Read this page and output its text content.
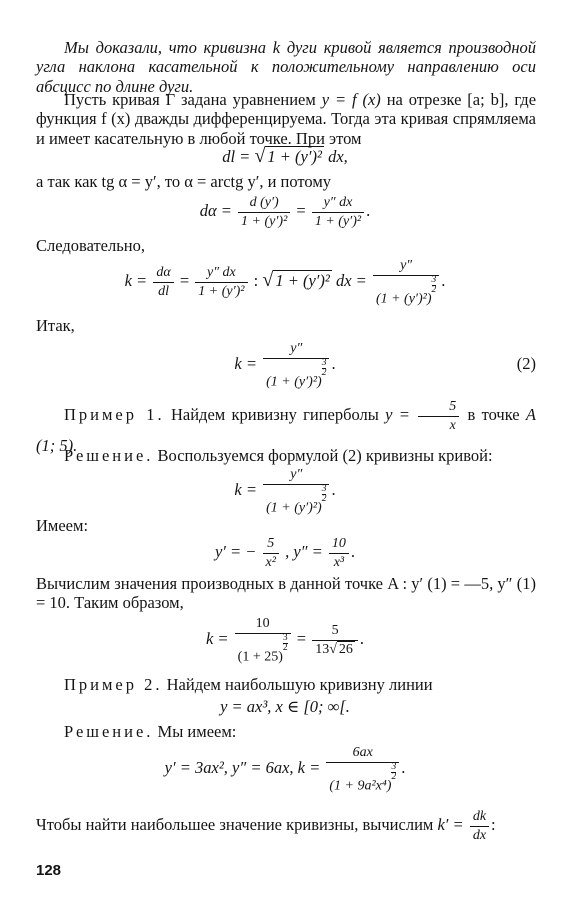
Мы доказали, что кривизна k дуги кривой является производной угла наклона касательной к положительному направлению оси абсцисс по длине дуги.
Пусть кривая Γ задана уравнением y = f (x) на отрезке [a; b], где функция f (x) дважды дифференцируема. Тогда эта кривая спрямляема и имеет касательную в любой точке. При этом
dl = √ 1 + (y′)² dx,
а так как tg α = y′, то α = arctg y′, и потому
$d\alpha = \frac{d (y')}{\text{1 + (y′)²}} = \frac{y'' dx}{\text{1 + (y′)²}}$ .
Следовательно,
$k = \frac{d\alpha}{dl} = \frac{y'' dx}{\text{1 + (y′)²}}$ : √ 1 + (y′)² dx = y″
(1 + (y′)²)
$\frac{3}{2}$ .
Итак,
k = y″
(1 + (y′)²)
$\frac{3}{2}$ .	(2)
Пример 1. Найдем кривизну гиперболы $y = \frac{5}{x}$ в точке A (1; 5).
Решение. Воспользуемся формулой (2) кривизны кривой:
k = y″
(1 + (y′)²)
$\frac{3}{2}$ .
Имеем:
y′ = − $\frac{5}{\text{x²}}$ , $y'' = \frac{10}{\text{x³}}$ .
Вычислим значения производных в данной точке A : y′ (1) = —5, y″ (1) = 10. Таким образом,
k = 10
(1 + 25)
$\frac{3}{2} = \frac{5}{13√ 26}$ .
Пример 2. Найдем наибольшую кривизну линии
y = ax³, x ∈ [0; ∞[.
Решение. Мы имеем:
y′ = 3ax², y″ = 6ax, k = 6ax
(1 + 9a²x⁴)
$\frac{3}{2}$ .
Чтобы найти наибольшее значение кривизны, вычислим $k' = \frac{dk}{dx}$ :
128
